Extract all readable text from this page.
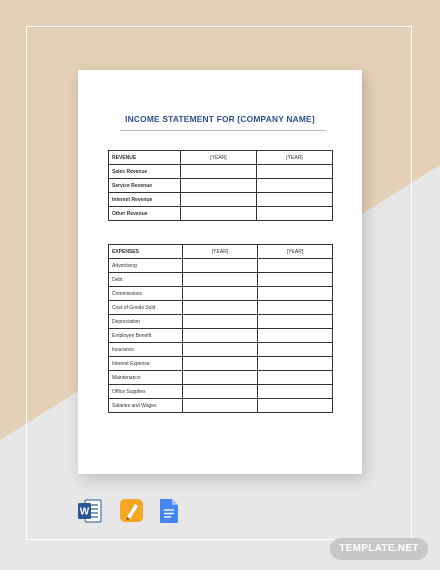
INCOME STATEMENT FOR [COMPANY NAME]
REVENUE	[YEAR]	[YEAR]
Sales Revenue		
Service Revenue		
Interest Revenue		
Other Revenue		
EXPENSES	[YEAR]	[YEAR]
Advertising		
Debt		
Commissions		
Cost of Goods Sold		
Depreciation		
Employee Benefit		
Insurance		
Interest Expense		
Maintenance		
Office Supplies		
Salaries and Wages		
W
TEMPLATE.NET
